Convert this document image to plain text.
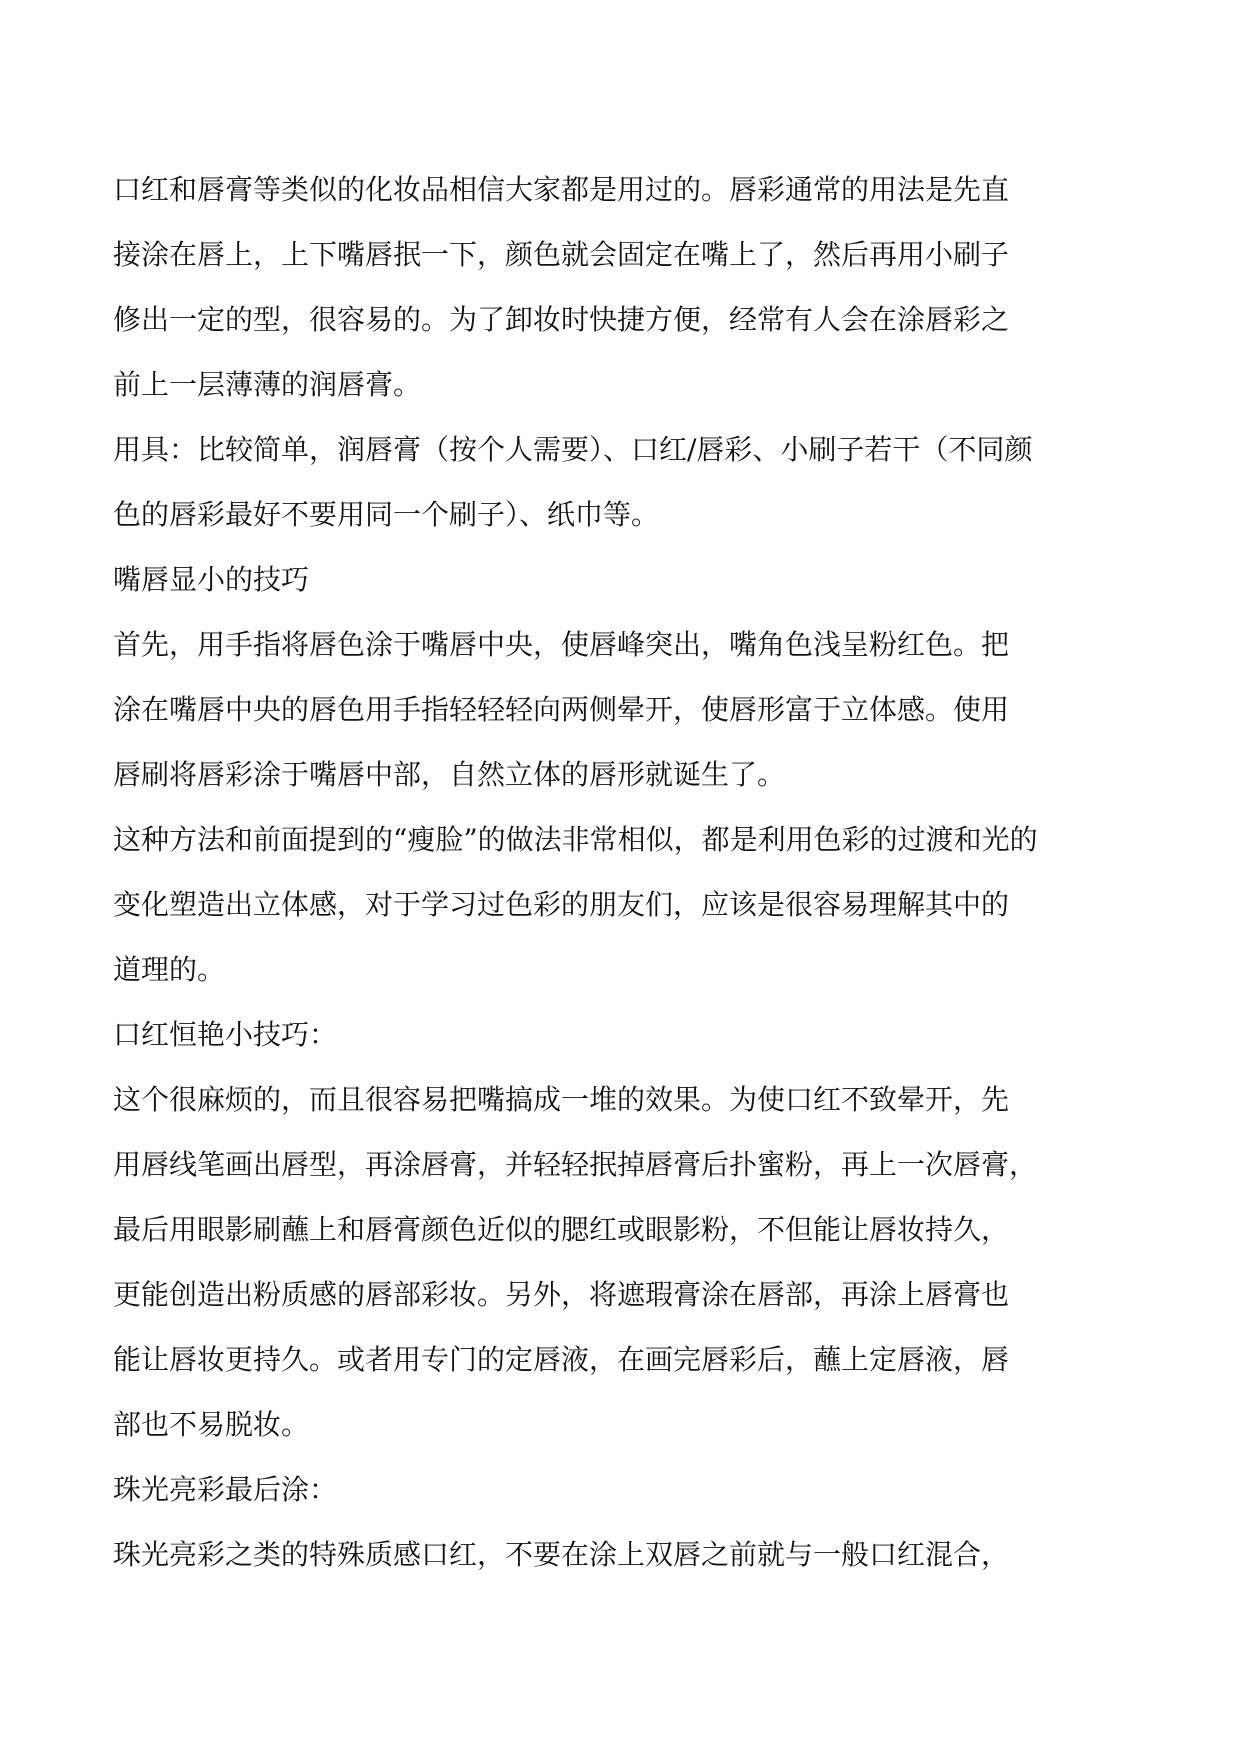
口红和唇膏等类似的化妆品相信大家都是用过的。唇彩通常的用法是先直
接涂在唇上，上下嘴唇抿一下，颜色就会固定在嘴上了，然后再用小刷子
修出一定的型，很容易的。为了卸妆时快捷方便，经常有人会在涂唇彩之
前上一层薄薄的润唇膏。
用具：比较简单，润唇膏（按个人需要）、口红/唇彩、小刷子若干（不同颜
色的唇彩最好不要用同一个刷子）、纸巾等。
嘴唇显小的技巧
首先，用手指将唇色涂于嘴唇中央，使唇峰突出，嘴角色浅呈粉红色。把
涂在嘴唇中央的唇色用手指轻轻轻向两侧晕开，使唇形富于立体感。使用
唇刷将唇彩涂于嘴唇中部，自然立体的唇形就诞生了。
这种方法和前面提到的“瘦脸”的做法非常相似，都是利用色彩的过渡和光的
变化塑造出立体感，对于学习过色彩的朋友们，应该是很容易理解其中的
道理的。
口红恒艳小技巧：
这个很麻烦的，而且很容易把嘴搞成一堆的效果。为使口红不致晕开，先
用唇线笔画出唇型，再涂唇膏，并轻轻抿掉唇膏后扑蜜粉，再上一次唇膏，
最后用眼影刷蘸上和唇膏颜色近似的腮红或眼影粉，不但能让唇妆持久，
更能创造出粉质感的唇部彩妆。另外，将遮瑕膏涂在唇部，再涂上唇膏也
能让唇妆更持久。或者用专门的定唇液，在画完唇彩后，蘸上定唇液，唇
部也不易脱妆。
珠光亮彩最后涂：
珠光亮彩之类的特殊质感口红，不要在涂上双唇之前就与一般口红混合，
